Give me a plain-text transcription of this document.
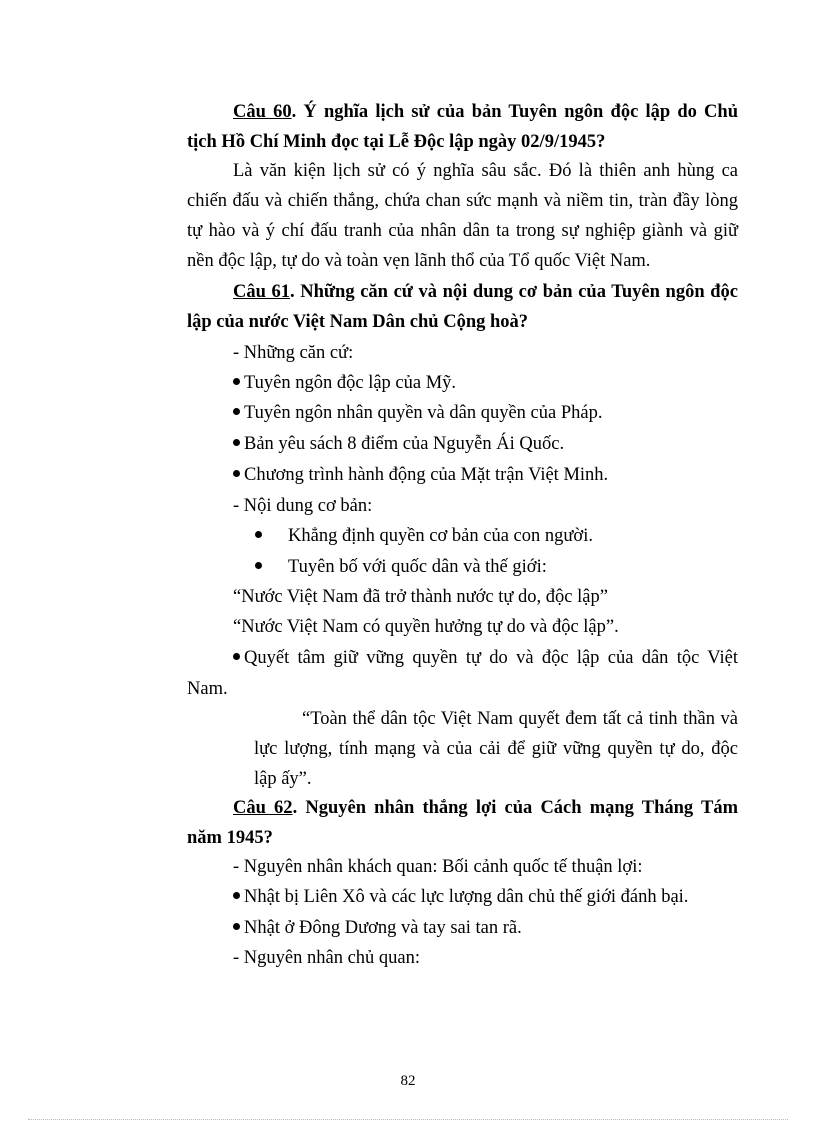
Câu 60. Ý nghĩa lịch sử của bản Tuyên ngôn độc lập do Chủ
tịch Hồ Chí Minh đọc tại Lễ Độc lập ngày 02/9/1945?
Là văn kiện lịch sử có ý nghĩa sâu sắc. Đó là thiên anh hùng ca
chiến đấu và chiến thắng, chứa chan sức mạnh và niềm tin, tràn đầy lòng
tự hào và ý chí đấu tranh của nhân dân ta trong sự nghiệp giành và giữ
nền độc lập, tự do và toàn vẹn lãnh thổ của Tổ quốc Việt Nam.
Câu 61. Những căn cứ và nội dung cơ bản của Tuyên ngôn độc
lập của nước Việt Nam Dân chủ Cộng hoà?
- Những căn cứ:
Tuyên ngôn độc lập của Mỹ.
Tuyên ngôn nhân quyền và dân quyền của Pháp.
Bản yêu sách 8 điểm của Nguyễn Ái Quốc.
Chương trình hành động của Mặt trận Việt Minh.
- Nội dung cơ bản:
Khẳng định quyền cơ bản của con người.
Tuyên bố với quốc dân và thế giới:
“Nước Việt Nam đã trở thành nước tự do, độc lập”
“Nước Việt Nam có quyền hưởng tự do và độc lập”.
Quyết tâm giữ vững quyền tự do và độc lập của dân tộc Việt
Nam.
“Toàn thể dân tộc Việt Nam quyết đem tất cả tinh thần và
lực lượng, tính mạng và của cải để giữ vững quyền tự do, độc
lập ấy”.
Câu 62. Nguyên nhân thắng lợi của Cách mạng Tháng Tám
năm 1945?
- Nguyên nhân khách quan: Bối cảnh quốc tế thuận lợi:
Nhật bị Liên Xô và các lực lượng dân chủ thế giới đánh bại.
Nhật ở Đông Dương và tay sai tan rã.
- Nguyên nhân chủ quan:
82
